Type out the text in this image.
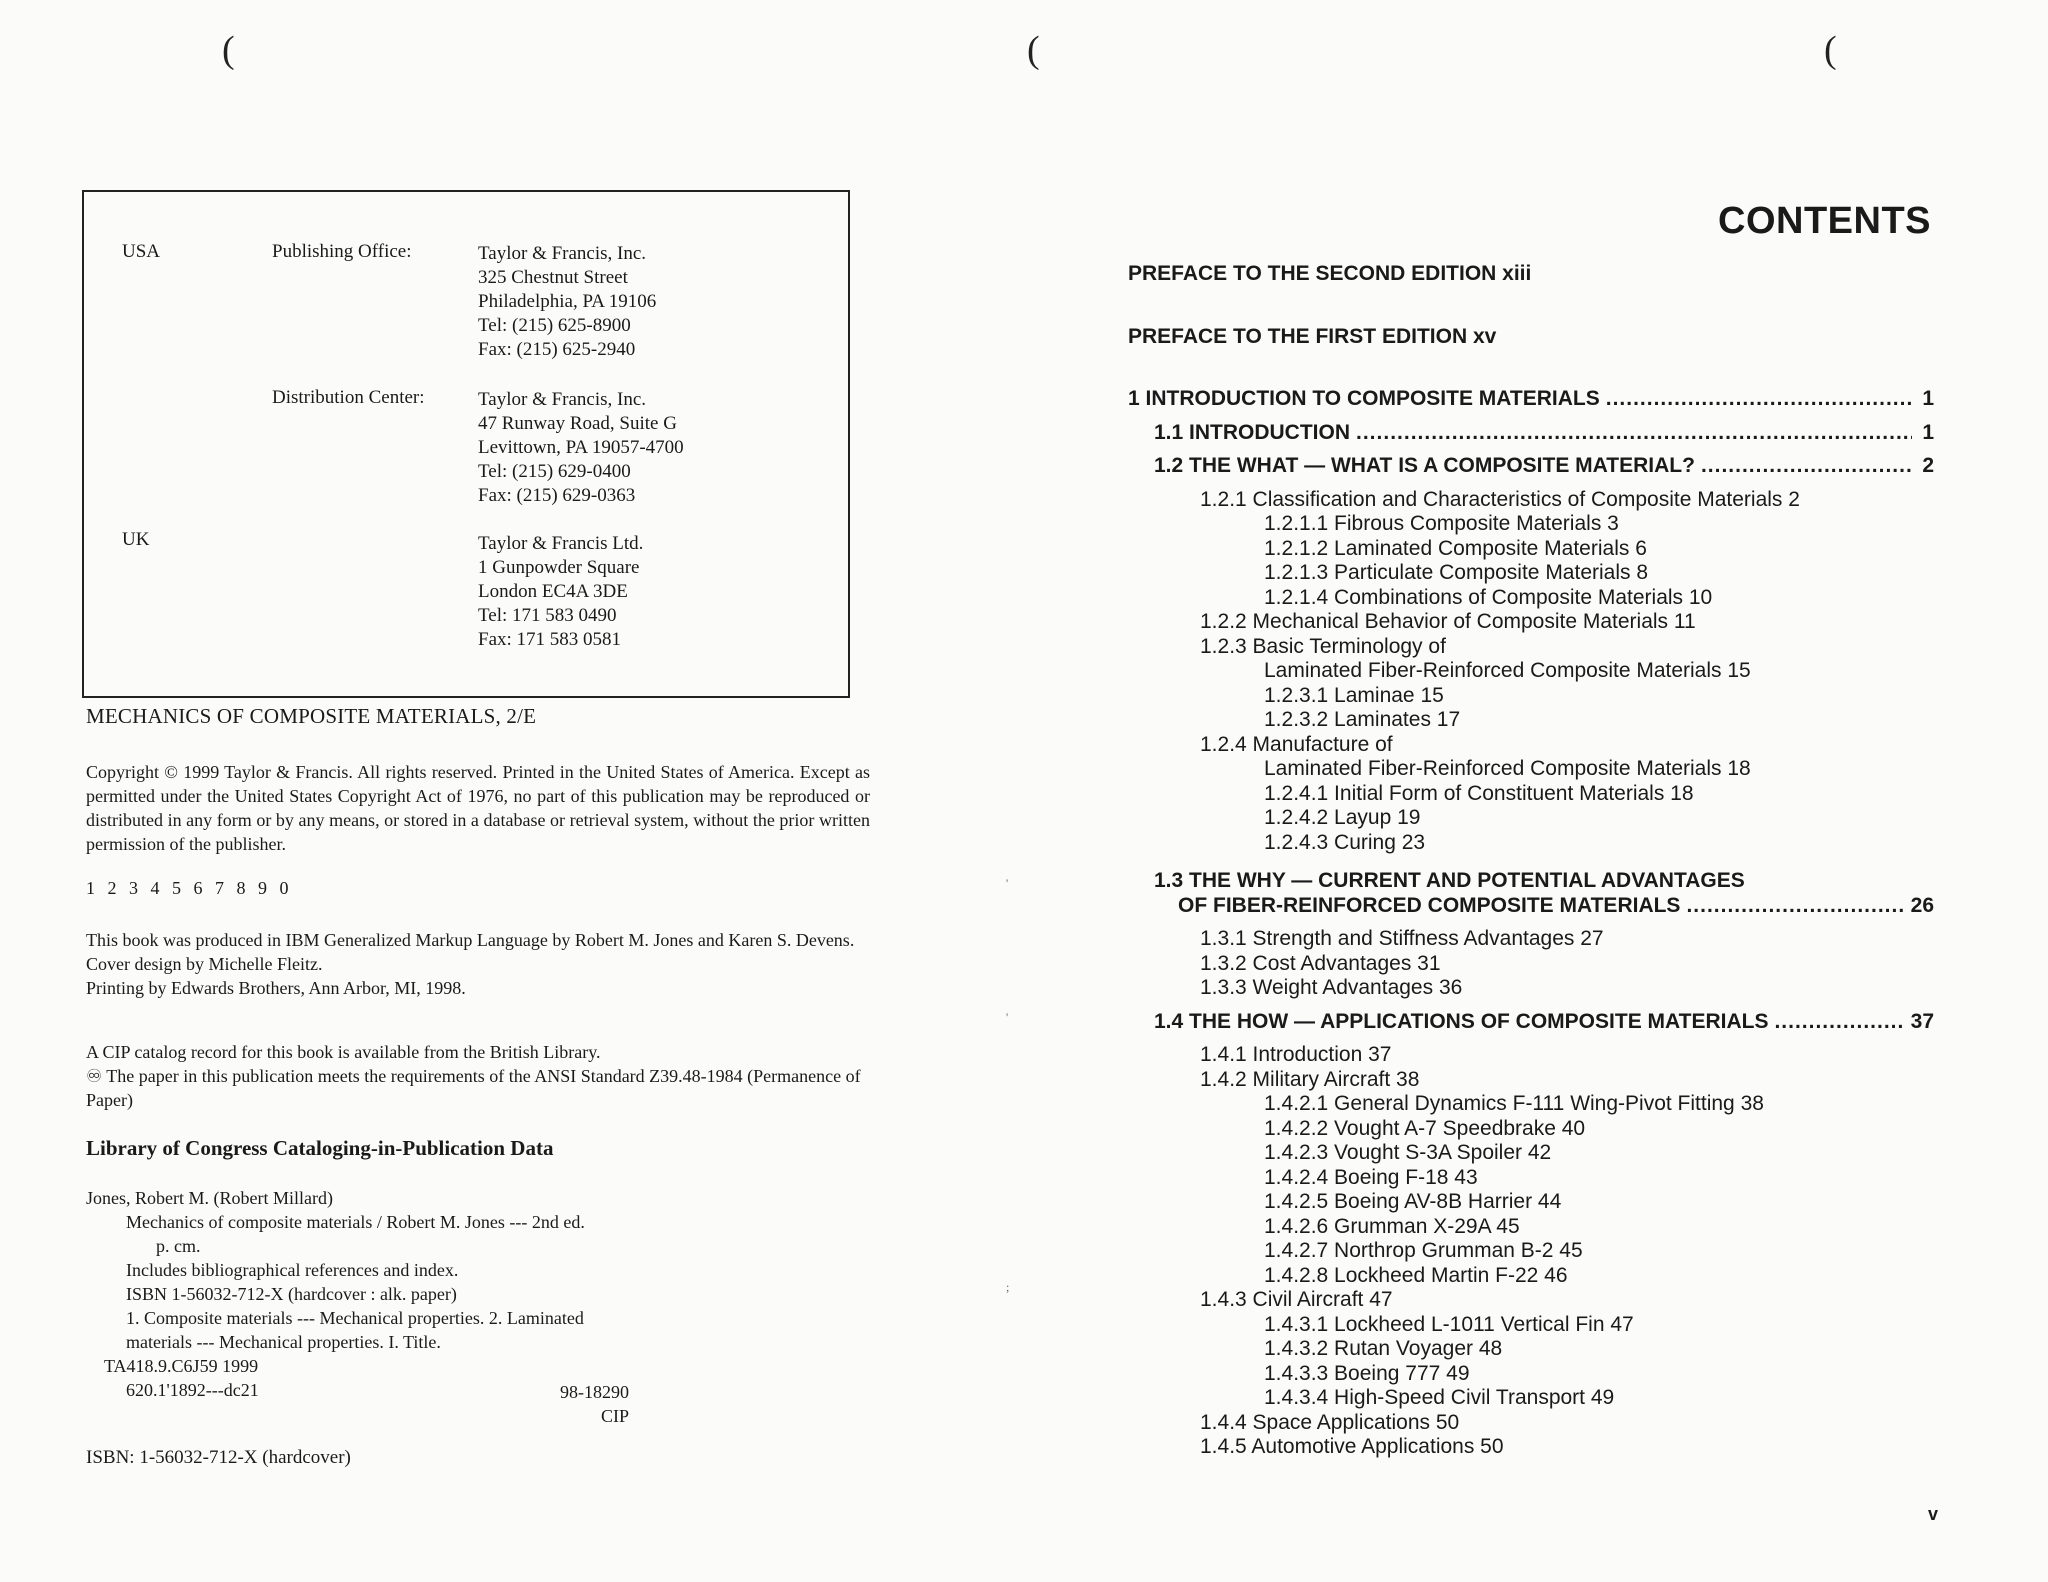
(	(	(
'
'
;
USA	Publishing Office:	Taylor & Francis, Inc.
325 Chestnut Street
Philadelphia, PA 19106
Tel: (215) 625-8900
Fax: (215) 625-2940
Distribution Center:	Taylor & Francis, Inc.
47 Runway Road, Suite G
Levittown, PA 19057-4700
Tel: (215) 629-0400
Fax: (215) 629-0363
UK	Taylor & Francis Ltd.
1 Gunpowder Square
London EC4A 3DE
Tel: 171 583 0490
Fax: 171 583 0581
MECHANICS OF COMPOSITE MATERIALS, 2/E
Copyright © 1999 Taylor & Francis. All rights reserved. Printed in the United States of America. Except as permitted under the United States Copyright Act of 1976, no part of this publication may be reproduced or distributed in any form or by any means, or stored in a database or retrieval system, without the prior written permission of the publisher.
1 2 3 4 5 6 7 8 9 0
This book was produced in IBM Generalized Markup Language by Robert M. Jones and Karen S. Devens. Cover design by Michelle Fleitz.
Printing by Edwards Brothers, Ann Arbor, MI, 1998.
A CIP catalog record for this book is available from the British Library.
♾ The paper in this publication meets the requirements of the ANSI Standard Z39.48-1984 (Permanence of Paper)
Library of Congress Cataloging-in-Publication Data
Jones, Robert M. (Robert Millard)
Mechanics of composite materials / Robert M. Jones --- 2nd ed.
p. cm.
Includes bibliographical references and index.
ISBN 1-56032-712-X (hardcover : alk. paper)
1. Composite materials --- Mechanical properties. 2. Laminated
materials --- Mechanical properties. I. Title.
TA418.9.C6J59 1999
620.1'1892---dc21	98-18290
CIP
ISBN: 1-56032-712-X (hardcover)
CONTENTS
PREFACE TO THE SECOND EDITION xiii
PREFACE TO THE FIRST EDITION xv
1 INTRODUCTION TO COMPOSITE MATERIALS .....	1
1.1 INTRODUCTION .....	1
1.2 THE WHAT — WHAT IS A COMPOSITE MATERIAL? .....	2
1.2.1 Classification and Characteristics of Composite Materials 2
1.2.1.1 Fibrous Composite Materials 3
1.2.1.2 Laminated Composite Materials 6
1.2.1.3 Particulate Composite Materials 8
1.2.1.4 Combinations of Composite Materials 10
1.2.2 Mechanical Behavior of Composite Materials 11
1.2.3 Basic Terminology of
Laminated Fiber-Reinforced Composite Materials 15
1.2.3.1 Laminae 15
1.2.3.2 Laminates 17
1.2.4 Manufacture of
Laminated Fiber-Reinforced Composite Materials 18
1.2.4.1 Initial Form of Constituent Materials 18
1.2.4.2 Layup 19
1.2.4.3 Curing 23
1.3 THE WHY — CURRENT AND POTENTIAL ADVANTAGES
OF FIBER-REINFORCED COMPOSITE MATERIALS .....	26
1.3.1 Strength and Stiffness Advantages 27
1.3.2 Cost Advantages 31
1.3.3 Weight Advantages 36
1.4 THE HOW — APPLICATIONS OF COMPOSITE MATERIALS .....	37
1.4.1 Introduction 37
1.4.2 Military Aircraft 38
1.4.2.1 General Dynamics F-111 Wing-Pivot Fitting 38
1.4.2.2 Vought A-7 Speedbrake 40
1.4.2.3 Vought S-3A Spoiler 42
1.4.2.4 Boeing F-18 43
1.4.2.5 Boeing AV-8B Harrier 44
1.4.2.6 Grumman X-29A 45
1.4.2.7 Northrop Grumman B-2 45
1.4.2.8 Lockheed Martin F-22 46
1.4.3 Civil Aircraft 47
1.4.3.1 Lockheed L-1011 Vertical Fin 47
1.4.3.2 Rutan Voyager 48
1.4.3.3 Boeing 777 49
1.4.3.4 High-Speed Civil Transport 49
1.4.4 Space Applications 50
1.4.5 Automotive Applications 50
v
